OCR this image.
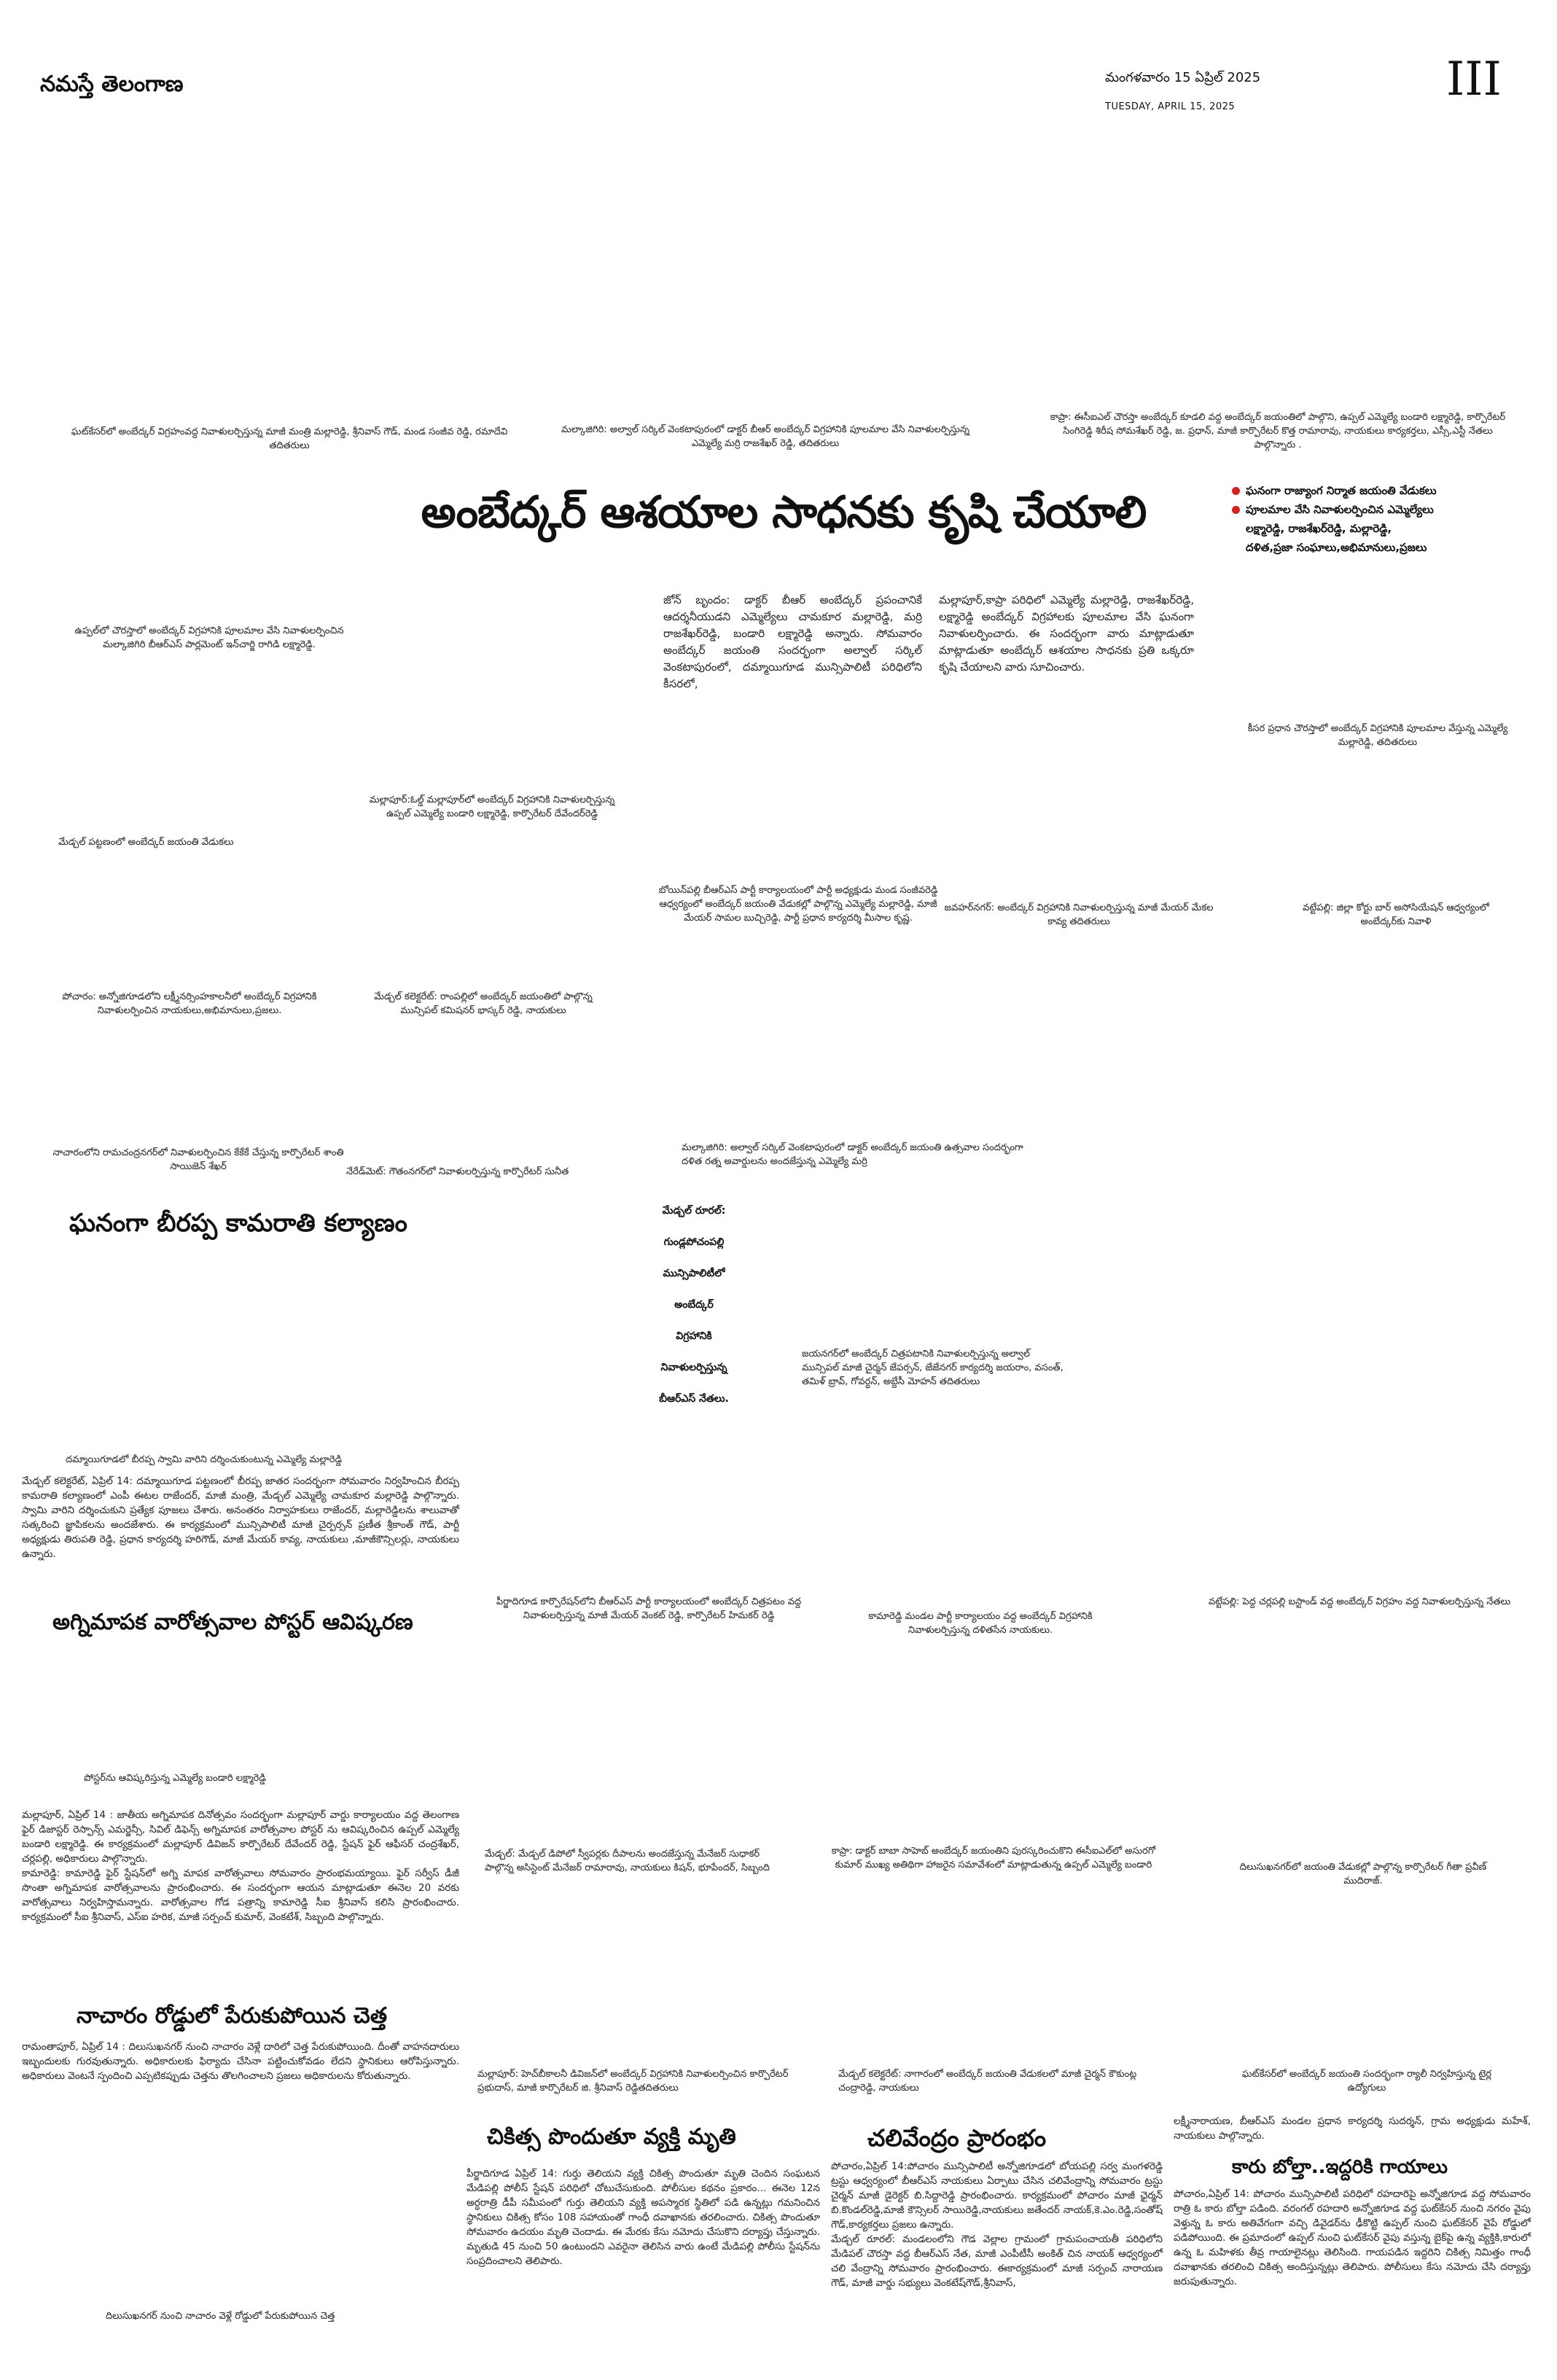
నమస్తే తెలంగాణ	మంగళవారం 15 ఏప్రిల్ 2025
TUESDAY, APRIL 15, 2025
III
ఘట్‌కేసర్‌లో అంబేద్కర్ విగ్రహంవద్ద నివాళులర్పిస్తున్న మాజీ మంత్రి మల్లారెడ్డి, శ్రీనివాస్ గౌడ్, మండ సంజీవ రెడ్డి, రమాదేవి తదితరులు
మల్కాజిగిరి: అల్వాల్ సర్కిల్ వెంకటాపురంలో డాక్టర్ బీఆర్ అంబేద్కర్ విగ్రహానికి పూలమాల వేసి నివాళులర్పిస్తున్న ఎమ్మెల్యే మర్రి రాజశేఖర్ రెడ్డి, తదితరులు
కాప్రా: ఈసీఐఎల్ చౌరస్తా అంబేద్కర్ కూడలి వద్ద అంబేద్కర్ జయంతిలో పాల్గొని, ఉప్పల్ ఎమ్మెల్యే బండారి లక్ష్మారెడ్డి, కార్పొరేటర్ సింగిరెడ్డి శిరీష సోమశేఖర్ రెడ్డి, జ. ప్రధాన్, మాజీ కార్పొరేటర్ కొత్త రామారావు, నాయకులు కార్యకర్తలు, ఎస్సీ,ఎస్టీ నేతలు పాల్గొన్నారు .
అంబేద్కర్ ఆశయాల సాధనకు కృషి చేయాలి	ఘనంగా రాజ్యాంగ నిర్మాత జయంతి వేడుకలు
పూలమాల వేసి నివాళులర్పించిన ఎమ్మెల్యేలు
లక్ష్మారెడ్డి, రాజశేఖర్‌రెడ్డి, మల్లారెడ్డి,
దళిత,ప్రజా సంఘాలు,అభిమానులు,ప్రజలు
జోన్ బృందం: డాక్టర్ బీఆర్ అంబేద్కర్ ప్రపంచానికే ఆదర్శనీయుడని ఎమ్మెల్యేలు చామకూర మల్లారెడ్డి, మర్రి రాజశేఖర్‌రెడ్డి, బండారి లక్ష్మారెడ్డి అన్నారు. సోమవారం అంబేద్కర్ జయంతి సందర్భంగా అల్వాల్ సర్కిల్ వెంకటాపురంలో, దమ్మాయిగూడ మున్సిపాలిటీ పరిధిలోని కీసరలో,
మల్లాపూర్,కాప్రా పరిధిలో ఎమ్మెల్యే మల్లారెడ్డి, రాజశేఖర్‌రెడ్డి, లక్ష్మారెడ్డి అంబేద్కర్ విగ్రహాలకు పూలమాల వేసి ఘనంగా నివాళులర్పించారు. ఈ సందర్భంగా వారు మాట్లాడుతూ మాట్లాడుతూ అంబేద్కర్ ఆశయాల సాధనకు ప్రతి ఒక్కరూ కృషి చేయాలని వారు సూచించారు.
ఉప్పల్‌లో చౌరస్తాలో అంబేద్కర్ విగ్రహానికి పూలమాల వేసి నివాళులర్పించిన మల్కాజిగిరి బీఆర్ఎస్ పార్లమెంట్ ఇన్‌చార్జి రాగిడి లక్ష్మారెడ్డి.
కీసర ప్రధాన చౌరస్తాలో అంబేద్కర్ విగ్రహానికి పూలమాల వేస్తున్న ఎమ్మెల్యే మల్లారెడ్డి, తదితరులు
మల్లాపూర్:ఓల్డ్ మల్లాపూర్‌లో అంబేద్కర్ విగ్రహానికి నివాళులర్పిస్తున్న ఉప్పల్ ఎమ్మెల్యే బండారి లక్ష్మారెడ్డి, కార్పొరేటర్ దేవేందర్‌రెడ్డి
మేడ్చల్ పట్టణంలో అంబేద్కర్ జయంతి వేడుకలు
బోయిన్‌పల్లి బీఆర్ఎస్ పార్టీ కార్యాలయంలో పార్టీ అధ్యక్షుడు మండ సంజీవరెడ్డి ఆధ్వర్యంలో అంబేద్కర్ జయంతి వేడుకల్లో పాల్గొన్న ఎమ్మెల్యే మల్లారెడ్డి, మాజీ మేయర్ సామల బుచ్చిరెడ్డి, పార్టీ ప్రధాన కార్యదర్శి మీసాల కృష్ణ.
జవహర్‌నగర్: అంబేద్కర్ విగ్రహానికి నివాళులర్పిస్తున్న మాజీ మేయర్ మేకల కావ్య తదితరులు
వట్టేపల్లి: జిల్లా కోర్టు బార్ అసోసియేషన్ ఆధ్వర్యంలో అంబేద్కర్‌కు నివాళి
పోచారం: అన్నోజిగూడలోని లక్ష్మీనర్సింహకాలనీలో అంబేద్కర్ విగ్రహానికి నివాళులర్పించిన నాయకులు,అభిమానులు,ప్రజలు.
మేడ్చల్ కలెక్టరేట్: రాంపల్లిలో అంబేద్కర్ జయంతిలో పాల్గొన్న మున్సిపల్ కమిషనర్ భాస్కర్ రెడ్డి, నాయకులు
నాచారంలోని రామచంద్రనగర్‌లో నివాళులర్పించిన కేకేకే చేస్తున్న కార్పొరేటర్ శాంతి సాయిజెన్ శేఖర్	నేరేడ్‌మెట్: గౌతంనగర్‌లో నివాళులర్పిస్తున్న కార్పొరేటర్ సునీత
మల్కాజిగిరి: అల్వాల్ సర్కిల్ వెంకటాపురంలో డాక్టర్ అంబేద్కర్ జయంతి ఉత్సవాల సందర్భంగా దళిత రత్న అవార్డులను అందజేస్తున్న ఎమ్మెల్యే మర్రి
మేడ్చల్ రూరల్:
గుండ్లపోచంపల్లి
మున్సిపాలిటీలో
అంబేద్కర్
విగ్రహానికి
నివాళులర్పిస్తున్న
బీఆర్ఎస్ నేతలు.
జయనగర్‌లో అంబేద్కర్ చిత్రపటానికి నివాళులర్పిస్తున్న అల్వాల్ మున్సిపల్ మాజీ చైర్మన్ జేపర్సన్, జేజేనగర్ కార్యదర్శి జయరాం, వసంత్, తమిళ్ బ్రావ్, గోవర్ధన్, అబ్దేసీ మోహన్ తదితరులు
ఘనంగా బీరప్ప కామరాతి కల్యాణం
దమ్మాయిగూడలో బీరప్ప స్వామి వారిని దర్శించుకుంటున్న ఎమ్మెల్యే మల్లారెడ్డి
మేడ్చల్ కలెక్టరేట్, ఏప్రిల్ 14: దమ్మాయిగూడ పట్టణంలో బీరప్ప జాతర సందర్భంగా సోమవారం నిర్వహించిన బీరప్ప కామరాతి కల్యాణంలో ఎంపీ ఈటల రాజేందర్, మాజీ మంత్రి, మేడ్చల్ ఎమ్మెల్యే చామకూర మల్లారెడ్డి పాల్గొన్నారు. స్వామి వారిని దర్శించుకుని ప్రత్యేక పూజలు చేశారు. అనంతరం నిర్వాహకులు రాజేందర్, మల్లారెడ్డిలను శాలువాతో సత్కరించి జ్ఞాపికలను అందజేశారు. ఈ కార్యక్రమంలో మున్సిపాలిటీ మాజీ చైర్పర్సన్ ప్రణీత శ్రీకాంత్ గౌడ్, పార్టీ అధ్యక్షుడు తిరుపతి రెడ్డి, ప్రధాన కార్యదర్శి హరిగౌడ్, మాజీ మేయర్ కావ్య, నాయకులు ,మాజీకౌన్సిలర్లు, నాయకులు ఉన్నారు.
పీర్జాదిగూడ కార్పొరేషన్‌లోని బీఆర్ఎస్ పార్టీ కార్యాలయంలో అంబేద్కర్ చిత్రపటం వద్ద నివాళులర్పిస్తున్న మాజీ మేయర్ వెంకట్ రెడ్డి, కార్పొరేటర్ హిమకర్ రెడ్డి	కామారెడ్డి మండల పార్టీ కార్యాలయం వద్ద అంబేద్కర్ విగ్రహానికి నివాళులర్పిస్తున్న దళితసేన నాయకులు.
వట్టేపల్లి: పెద్ద చర్లపల్లి బస్టాండ్ వద్ద అంబేద్కర్ విగ్రహం వద్ద నివాళులర్పిస్తున్న నేతలు
అగ్నిమాపక వారోత్సవాల పోస్టర్ ఆవిష్కరణ
పోస్టర్‌ను ఆవిష్కరిస్తున్న ఎమ్మెల్యే బండారి లక్ష్మారెడ్డి

మల్లాపూర్, ఏప్రిల్ 14 : జాతీయ అగ్నిమాపక దినోత్సవం సందర్భంగా మల్లాపూర్ వార్డు కార్యాలయం వద్ద తెలంగాణ ఫైర్ డిజాస్టర్ రెస్పాన్స్ ఎమర్జెన్సీ, సివిల్ డిఫెన్స్ అగ్నిమాపక వారోత్సవాల పోస్టర్ ను ఆవిష్కరించిన ఉప్పల్ ఎమ్మెల్యే బండారి లక్ష్మారెడ్డి. ఈ కార్యక్రమంలో మల్లాపూర్ డివిజన్ కార్పొరేటర్ దేవేందర్ రెడ్డి, స్టేషన్ ఫైర్ ఆఫీసర్ చంద్రశేఖర్, చర్లపల్లి, అధికారులు పాల్గొన్నారు.

కామారెడ్డి: కామారెడ్డి ఫైర్ స్టేషన్‌లో అగ్ని మాపక వారోత్సవాలు సోమవారం ప్రారంభమయ్యాయి. ఫైర్ సర్వీస్ డీజీ సొంతా అగ్నిమాపక వారోత్సవాలను ప్రారంభించారు. ఈ సందర్భంగా ఆయన మాట్లాడుతూ ఈనెల 20 వరకు వారోత్సవాలు నిర్వహిస్తామన్నారు. వారోత్సవాల గోడ పత్రాన్ని కామారెడ్డి సీఐ శ్రీనివాస్ కలిసి ప్రారంభించారు. కార్యక్రమంలో సీఐ శ్రీనివాస్, ఎస్ఐ హరిక, మాజీ సర్పంచ్ కుమార్, వెంకటేశ్, సిబ్బంది పాల్గొన్నారు.

మేడ్చల్: మేడ్చల్ డిపోలో స్వీపర్లకు దీపాలను అందజేస్తున్న మేనేజర్ సుధాకర్ పాల్గొన్న అసిస్టెంట్ మేనేజర్ రామారావు, నాయకులు కిషన్, భూపేందర్, సిబ్బంది
కాప్రా: డాక్టర్ బాబా సాహెబ్ అంబేద్కర్ జయంతిని పురస్కరించుకొని ఈసీఐఎల్‌లో అసురగో కుమార్ ముఖ్య అతిథిగా హాజరైన సమావేశంలో మాట్లాడుతున్న ఉప్పల్ ఎమ్మెల్యే బండారి	దిలుసుఖనగర్‌లో జయంతి వేడుకల్లో పాల్గొన్న కార్పొరేటర్ గీతా ప్రవీణ్ ముదిరాజ్.
నాచారం రోడ్డులో పేరుకుపోయిన చెత్త
రామంతాపూర్, ఏప్రిల్ 14 : దిలుసుఖనగర్ నుంచి నాచారం వెళ్లే దారిలో చెత్త పేరుకుపోయింది. దీంతో వాహనదారులు ఇబ్బందులకు గురవుతున్నారు. అధికారులకు ఫిర్యాదు చేసినా పట్టించుకోవడం లేదని స్థానికులు ఆరోపిస్తున్నారు. అధికారులు వెంటనే స్పందించి ఎప్పటికప్పుడు చెత్తను తొలగించాలని ప్రజలు అధికారులను కోరుతున్నారు.	మల్లాపూర్: హెచ్‌బీకాలనీ డివిజన్‌లో అంబేద్కర్ విగ్రహానికి నివాళులర్పించిన కార్పొరేటర్ ప్రభుదాస్, మాజీ కార్పొరేటర్ జి. శ్రీనివాస్ రెడ్డితదితరులు
మేడ్చల్ కలెక్టరేట్: నాగారంలో అంబేద్కర్ జయంతి వేడుకలలో మాజీ చైర్మన్ కౌకుంట్ల చంద్రారెడ్డి, నాయకులు
ఘట్‌కేసర్‌లో అంబేద్కర్ జయంతి సందర్భంగా ర్యాలీ నిర్వహిస్తున్న టైర్ల ఉద్యోగులు
చికిత్స పొందుతూ వ్యక్తి మృతి
పీర్జాదిగూడ ఏప్రిల్ 14: గుర్తు తెలియని వ్యక్తి చికిత్స పొందుతూ మృతి చెందిన సంఘటన మేడిపల్లి పోలీస్ స్టేషన్ పరిధిలో చోటుచేసుకుంది. పోలీసుల కథనం ప్రకారం... ఈనెల 12న అర్ధరాత్రి డీపీ సమీపంలో గుర్తు తెలియని వ్యక్తి అపస్మారక స్థితిలో పడి ఉన్నట్లు గమనించిన స్థానికులు చికిత్స కోసం 108 సహాయంతో గాంధీ దవాఖానకు తరలించారు. చికిత్స పొందుతూ సోమవారం ఉదయం మృతి చెందాడు. ఈ మేరకు కేసు నమోదు చేసుకొని దర్యాప్తు చేస్తున్నారు. మృతుడి 45 నుంచి 50 ఉంటుందని ఎవరైనా తెలిసిన వారు ఉంటే మేడిపల్లి పోలీసు స్టేషన్‌ను సంప్రదించాలని తెలిపారు.
చలివేంద్రం ప్రారంభం

పోచారం,ఏప్రిల్ 14:పోచారం మున్సిపాలిటీ అన్నోజిగూడలో బోయపల్లి సర్వ మంగళరెడ్డి ట్రస్టు ఆధ్వర్యంలో బీఆర్ఎస్ నాయకులు ఏర్పాటు చేసిన చలివేంద్రాన్ని సోమవారం ట్రస్టు చైర్మన్ మాజీ డైరెక్టర్ బి.సిద్దారెడ్డి ప్రారంభించారు. కార్యక్రమంలో పోచారం మాజీ ఛైర్మన్ బి.కొండల్‌రెడ్డి,మాజీ కౌన్సిలర్ సాయిరెడ్డి,నాయకులు జతేందర్ నాయక్,కె.ఎం.రెడ్డి,సంతోష్ గౌడ్,కార్యకర్తలు ప్రజలు ఉన్నారు.

మేడ్చల్ రూరల్: మండలంలోని గౌడ వెల్లాల గ్రామంలో గ్రామపంచాయతీ పరిధిలోని మేడిపల్ చౌరస్తా వద్ద బీఆర్ఎస్ నేత, మాజీ ఎంపీటీసీ అంకిత్ చిన నాయక్ ఆధ్వర్యంలో చలి వేంద్రాన్ని సోమవారం ప్రారంభించారు. ఈకార్యక్రమంలో మాజీ సర్పంచ్ నారాయణ గౌడ్, మాజీ వార్డు సభ్యులు వెంకటేష్‌గౌడ్,శ్రీనివాస్,

లక్ష్మీనారాయణ, బీఆర్ఎస్ మండల ప్రధాన కార్యదర్శి సుదర్శన్, గ్రామ అధ్యక్షుడు మహేశ్, నాయకులు పాల్గొన్నారు.
కారు బోల్తా..ఇద్దరికి గాయాలు
పోచారం,ఏప్రిల్ 14: పోచారం మున్సిపాలిటీ పరిధిలో రహదారిపై అన్నోజిగూడ వద్ద సోమవారం రాత్రి ఓ కారు బోల్తా పడింది. వరంగల్ రహదారి అన్నోజిగూడ వద్ద ఘట్‌కేసర్ నుంచి నగరం వైపు వెళ్తున్న ఓ కారు అతివేగంగా వచ్చి డివైడర్‌ను ఢీకొట్టి ఉప్పల్ నుంచి ఘట్‌కేసర్ వైపే రోడ్డులో పడిపోయింది. ఈ ప్రమాదంలో ఉప్పల్ నుంచి ఘట్‌కేసర్ వైపు వస్తున్న బైక్‌పై ఉన్న వ్యక్తికి,కారులో ఉన్న ఓ మహిళకు తీవ్ర గాయాలైనట్లు తెలిసింది. గాయపడిన ఇద్దరిని చికిత్స నిమిత్తం గాంధీ దవాఖానకు తరలించి చికిత్స అందిస్తున్నట్లు తెలిపారు. పోలీసులు కేసు నమోదు చేసి దర్యాప్తు జరుపుతున్నారు.
దిలుసుఖనగర్ నుంచి నాచారం వెళ్లే రోడ్డులో పేరుకుపోయిన చెత్త
